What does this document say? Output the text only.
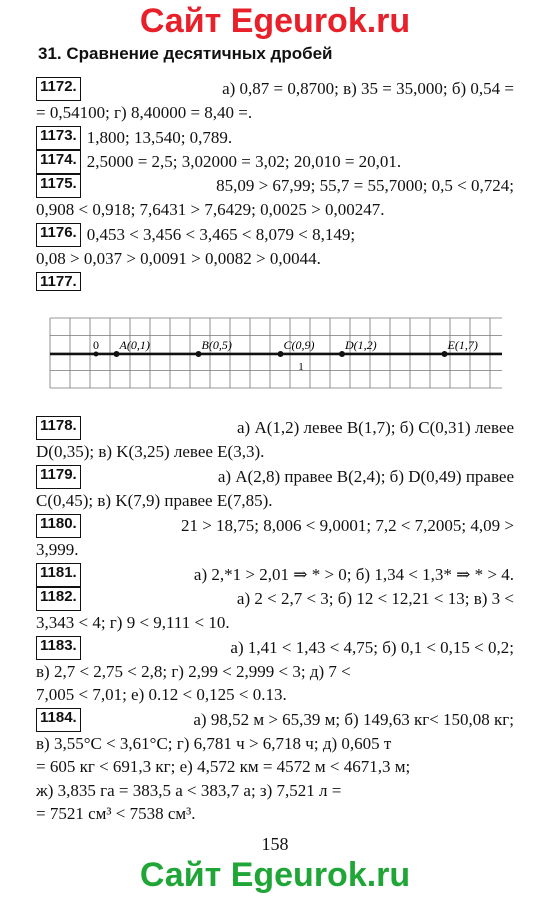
Сайт Egeurok.ru
31. Сравнение десятичных дробей
1172.	а) 0,87 = 0,8700; в) 35 = 35,000; б) 0,54 =
= 0,54100; г) 8,40000 = 8,40 =.
1173. 1,800; 13,540; 0,789.
1174. 2,5000 = 2,5; 3,02000 = 3,02; 20,010 = 20,01.
1175.	85,09 > 67,99; 55,7 = 55,7000; 0,5 < 0,724;
0,908 < 0,918; 7,6431 > 7,6429; 0,0025 > 0,00247.
1176. 0,453 < 3,456 < 3,465 < 8,079 < 8,149;
0,08 > 0,037 > 0,0091 > 0,0082 > 0,0044.
1177.
0
1
A(0,1)	B(0,5)	C(0,9)	D(1,2)	E(1,7)
1178.	а) A(1,2) левее B(1,7); б) C(0,31) левее
D(0,35); в) K(3,25) левее E(3,3).
1179.	а) A(2,8) правее B(2,4); б) D(0,49) правее
C(0,45); в) K(7,9) правее E(7,85).
1180.	21 > 18,75; 8,006 < 9,0001; 7,2 < 7,2005; 4,09 >
3,999.
1181.	а) 2,*1 > 2,01 ⇒ * > 0; б) 1,34 < 1,3* ⇒ * > 4.
1182.	а) 2 < 2,7 < 3; б) 12 < 12,21 < 13; в) 3 <
3,343 < 4; г) 9 < 9,111 < 10.
1183.	а) 1,41 < 1,43 < 4,75; б) 0,1 < 0,15 < 0,2;
в) 2,7 < 2,75 < 2,8; г) 2,99 < 2,999 < 3; д) 7 <
7,005 < 7,01; е) 0.12 < 0,125 < 0.13.
1184.	а) 98,52 м > 65,39 м; б) 149,63 кг< 150,08 кг;
в) 3,55°С < 3,61°С; г) 6,781 ч > 6,718 ч; д) 0,605 т
= 605 кг < 691,3 кг; е) 4,572 км = 4572 м < 4671,3 м;
ж) 3,835 га = 383,5 а < 383,7 а; з) 7,521 л =
= 7521 см³ < 7538 см³.
158
Сайт Egeurok.ru
